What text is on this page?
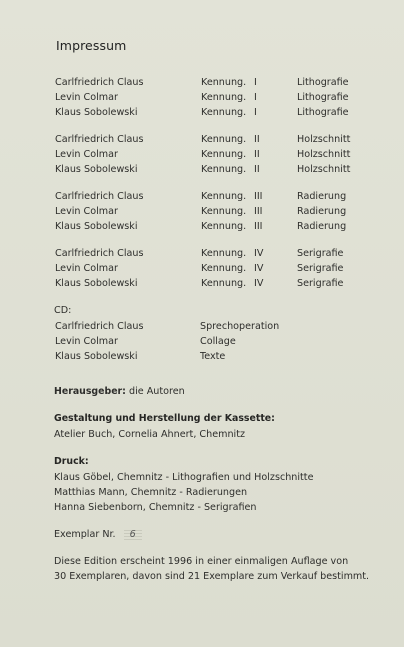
Impressum
Carlfriedrich Claus	Kennung. I	Lithografie
Levin Colmar	Kennung. I	Lithografie
Klaus Sobolewski	Kennung. I	Lithografie
Carlfriedrich Claus	Kennung. II	Holzschnitt
Levin Colmar	Kennung. II	Holzschnitt
Klaus Sobolewski	Kennung. II	Holzschnitt
Carlfriedrich Claus	Kennung. III	Radierung
Levin Colmar	Kennung. III	Radierung
Klaus Sobolewski	Kennung. III	Radierung
Carlfriedrich Claus	Kennung. IV	Serigrafie
Levin Colmar	Kennung. IV	Serigrafie
Klaus Sobolewski	Kennung. IV	Serigrafie
CD:
Carlfriedrich Claus	Sprechoperation
Levin Colmar	Collage
Klaus Sobolewski	Texte
Herausgeber: die Autoren
Gestaltung und Herstellung der Kassette:
Atelier Buch, Cornelia Ahnert, Chemnitz
Druck:
Klaus Göbel, Chemnitz - Lithografien und Holzschnitte
Matthias Mann, Chemnitz - Radierungen
Hanna Siebenborn, Chemnitz - Serigrafien
Exemplar Nr.	6
Diese Edition erscheint 1996 in einer einmaligen Auflage von
30 Exemplaren, davon sind 21 Exemplare zum Verkauf bestimmt.
